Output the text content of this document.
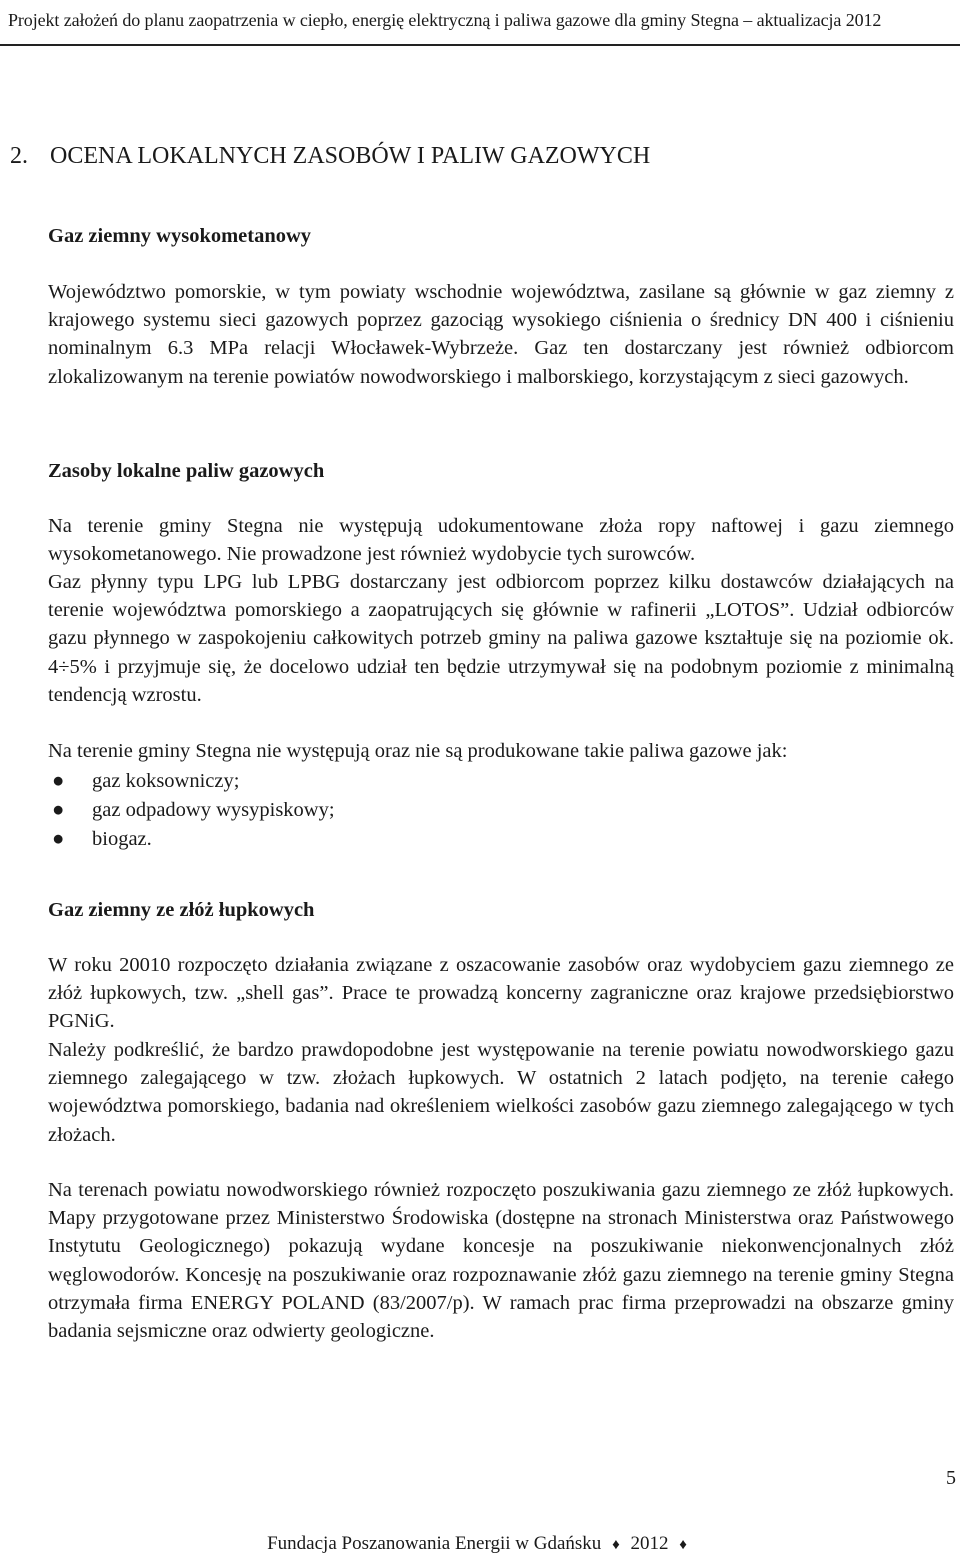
Projekt założeń do planu zaopatrzenia w ciepło, energię elektryczną i paliwa gazowe dla gminy Stegna – aktualizacja 2012
2. OCENA LOKALNYCH ZASOBÓW I PALIW GAZOWYCH
Gaz ziemny wysokometanowy
Województwo pomorskie, w tym powiaty wschodnie województwa, zasilane są głównie w gaz ziemny z krajowego systemu sieci gazowych poprzez gazociąg wysokiego ciśnienia o średnicy DN 400 i ciśnieniu nominalnym 6.3 MPa relacji Włocławek-Wybrzeże. Gaz ten dostarczany jest również odbiorcom zlokalizowanym na terenie powiatów nowodworskiego i malborskiego, korzystającym z sieci gazowych.
Zasoby lokalne paliw gazowych
Na terenie gminy Stegna nie występują udokumentowane złoża ropy naftowej i gazu ziemnego wysokometanowego. Nie prowadzone jest również wydobycie tych surowców.
Gaz płynny typu LPG lub LPBG dostarczany jest odbiorcom poprzez kilku dostawców działających na terenie województwa pomorskiego a zaopatrujących się głównie w rafinerii „LOTOS”. Udział odbiorców gazu płynnego w zaspokojeniu całkowitych potrzeb gminy na paliwa gazowe kształtuje się na poziomie ok. 4÷5% i przyjmuje się, że docelowo udział ten będzie utrzymywał się na podobnym poziomie z minimalną tendencją wzrostu.
Na terenie gminy Stegna nie występują oraz nie są produkowane takie paliwa gazowe jak:
● gaz koksowniczy;
● gaz odpadowy wysypiskowy;
● biogaz.
Gaz ziemny ze złóż łupkowych
W roku 20010 rozpoczęto działania związane z oszacowanie zasobów oraz wydobyciem gazu ziemnego ze złóż łupkowych, tzw. „shell gas”. Prace te prowadzą koncerny zagraniczne oraz krajowe przedsiębiorstwo PGNiG.
Należy podkreślić, że bardzo prawdopodobne jest występowanie na terenie powiatu nowodworskiego gazu ziemnego zalegającego w tzw. złożach łupkowych. W ostatnich 2 latach podjęto, na terenie całego województwa pomorskiego, badania nad określeniem wielkości zasobów gazu ziemnego zalegającego w tych złożach.
Na terenach powiatu nowodworskiego również rozpoczęto poszukiwania gazu ziemnego ze złóż łupkowych. Mapy przygotowane przez Ministerstwo Środowiska (dostępne na stronach Ministerstwa oraz Państwowego Instytutu Geologicznego) pokazują wydane koncesje na poszukiwanie niekonwencjonalnych złóż węglowodorów. Koncesję na poszukiwanie oraz rozpoznawanie złóż gazu ziemnego na terenie gminy Stegna otrzymała firma ENERGY POLAND (83/2007/p). W ramach prac firma przeprowadzi na obszarze gminy badania sejsmiczne oraz odwierty geologiczne.
5
Fundacja Poszanowania Energii w Gdańsku ♦ 2012 ♦
